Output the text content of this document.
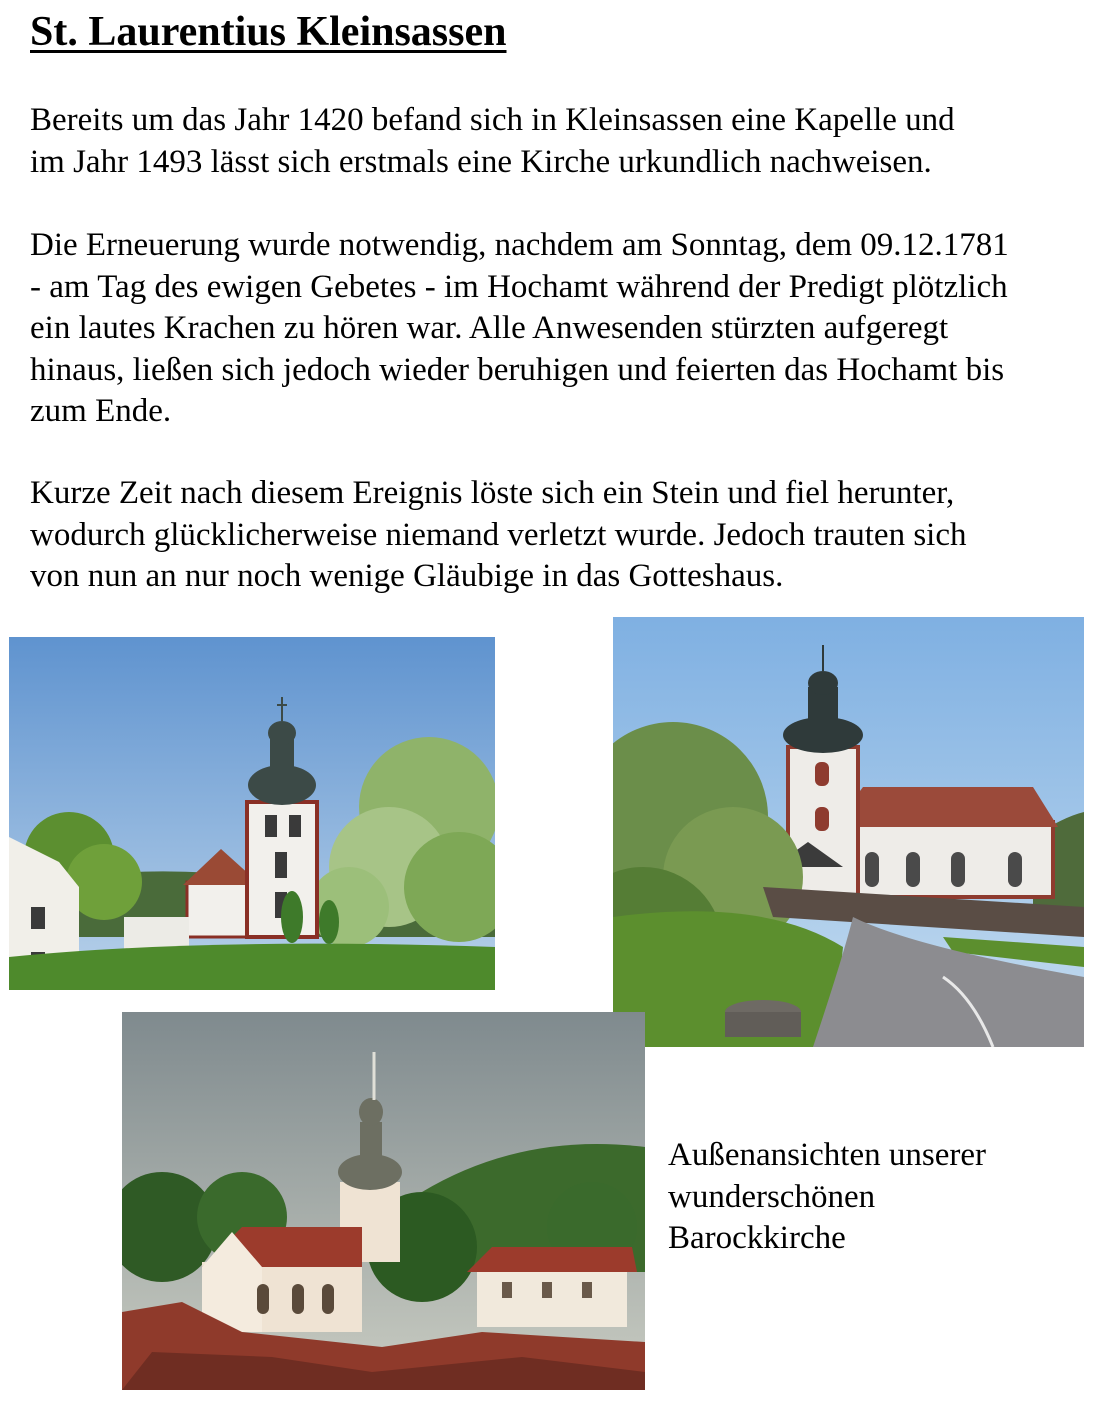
St. Laurentius Kleinsassen

Bereits um das Jahr 1420 befand sich in Kleinsassen eine Kapelle und
im Jahr 1493 lässt sich erstmals eine Kirche urkundlich nachweisen.

Die Erneuerung wurde notwendig, nachdem am Sonntag, dem 09.12.1781
- am Tag des ewigen Gebetes - im Hochamt während der Predigt plötzlich
ein lautes Krachen zu hören war. Alle Anwesenden stürzten aufgeregt
hinaus, ließen sich jedoch wieder beruhigen und feierten das Hochamt bis
zum Ende.

Kurze Zeit nach diesem Ereignis löste sich ein Stein und fiel herunter,
wodurch glücklicherweise niemand verletzt wurde. Jedoch trauten sich
von nun an nur noch wenige Gläubige in das Gotteshaus.

Außenansichten unserer
wunderschönen
Barockkirche
